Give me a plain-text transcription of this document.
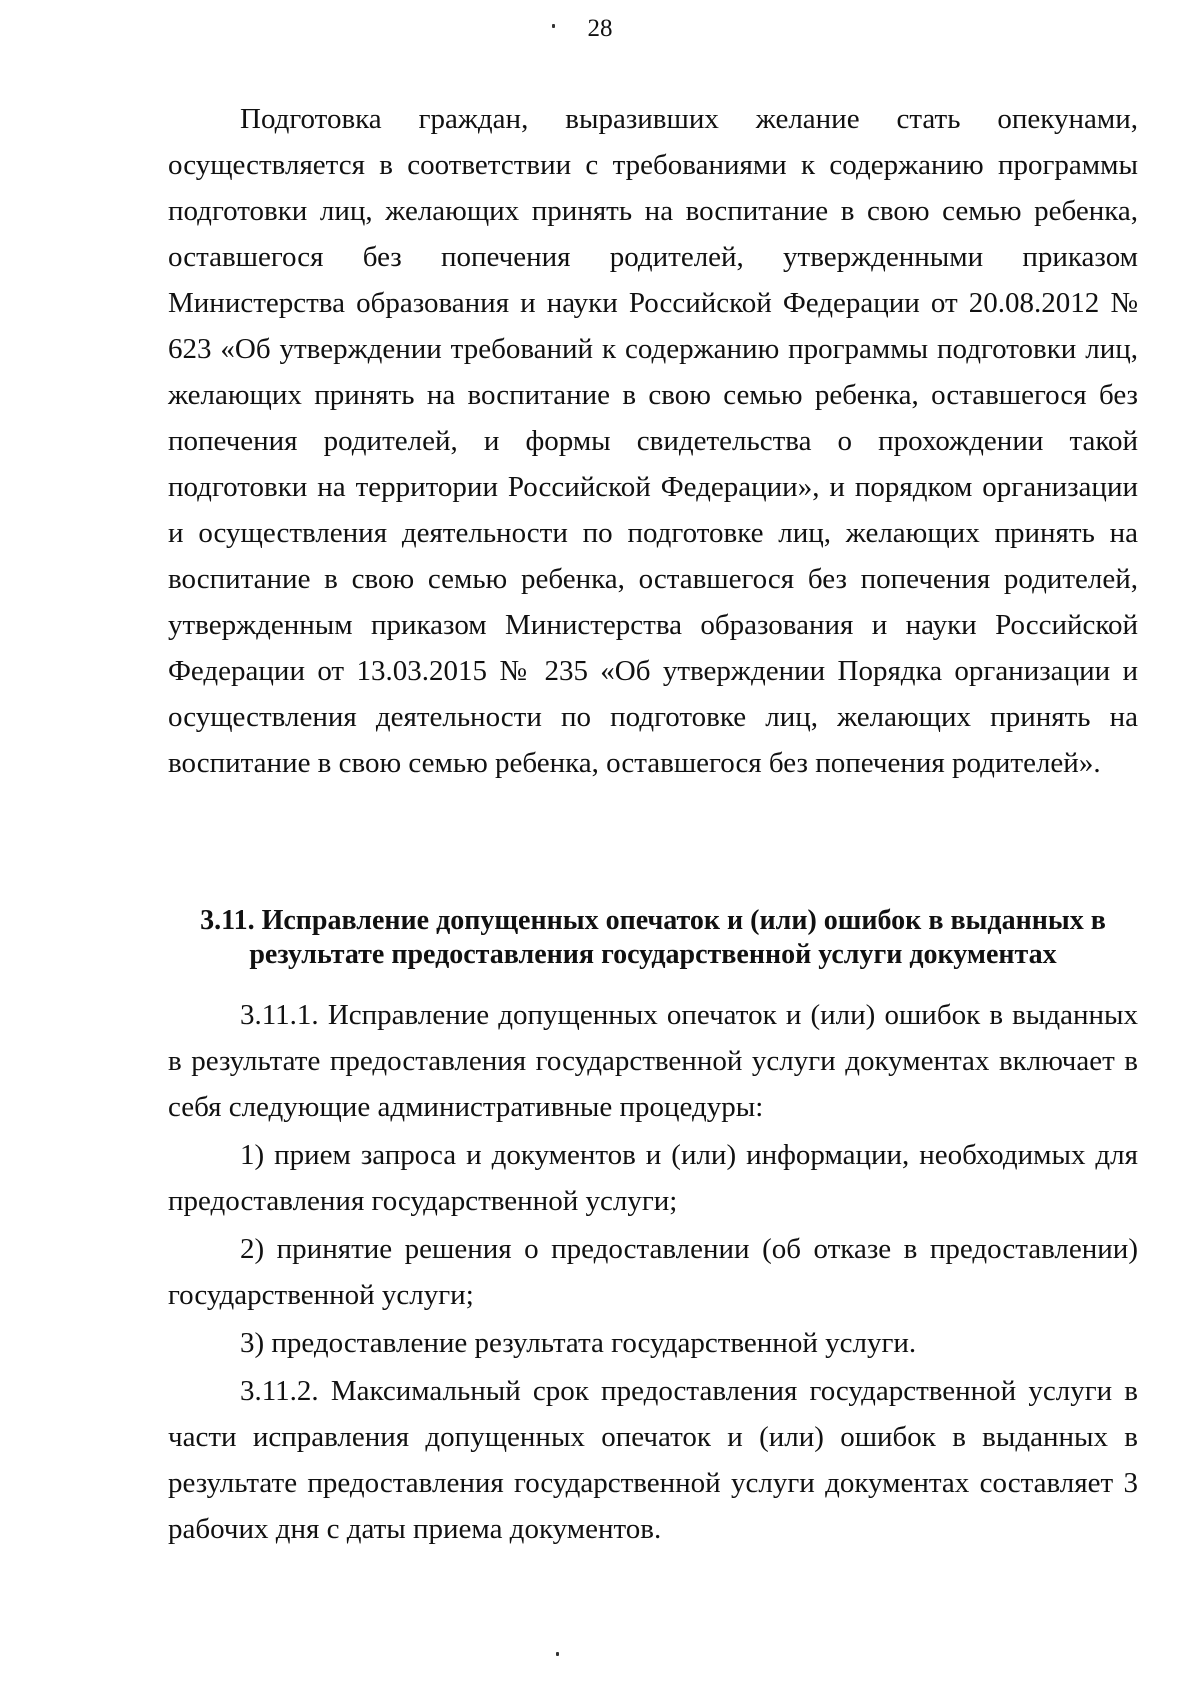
28

Подготовка граждан, выразивших желание стать опекунами, осуществляется в соответствии с требованиями к содержанию программы подготовки лиц, желающих принять на воспитание в свою семью ребенка, оставшегося без попечения родителей, утвержденными приказом Министерства образования и науки Российской Федерации от 20.08.2012 № 623 «Об утверждении требований к содержанию программы подготовки лиц, желающих принять на воспитание в свою семью ребенка, оставшегося без попечения родителей, и формы свидетельства о прохождении такой подготовки на территории Российской Федерации», и порядком организации и осуществления деятельности по подготовке лиц, желающих принять на воспитание в свою семью ребенка, оставшегося без попечения родителей, утвержденным приказом Министерства образования и науки Российской Федерации от 13.03.2015 № 235 «Об утверждении Порядка организации и осуществления деятельности по подготовке лиц, желающих принять на воспитание в свою семью ребенка, оставшегося без попечения родителей».

3.11. Исправление допущенных опечаток и (или) ошибок в выданных в
результате предоставления государственной услуги документах

3.11.1. Исправление допущенных опечаток и (или) ошибок в выданных в результате предоставления государственной услуги документах включает в себя следующие административные процедуры:

1) прием запроса и документов и (или) информации, необходимых для предоставления государственной услуги;

2) принятие решения о предоставлении (об отказе в предоставлении) государственной услуги;

3) предоставление результата государственной услуги.

3.11.2. Максимальный срок предоставления государственной услуги в части исправления допущенных опечаток и (или) ошибок в выданных в результате предоставления государственной услуги документах составляет 3 рабочих дня с даты приема документов.
